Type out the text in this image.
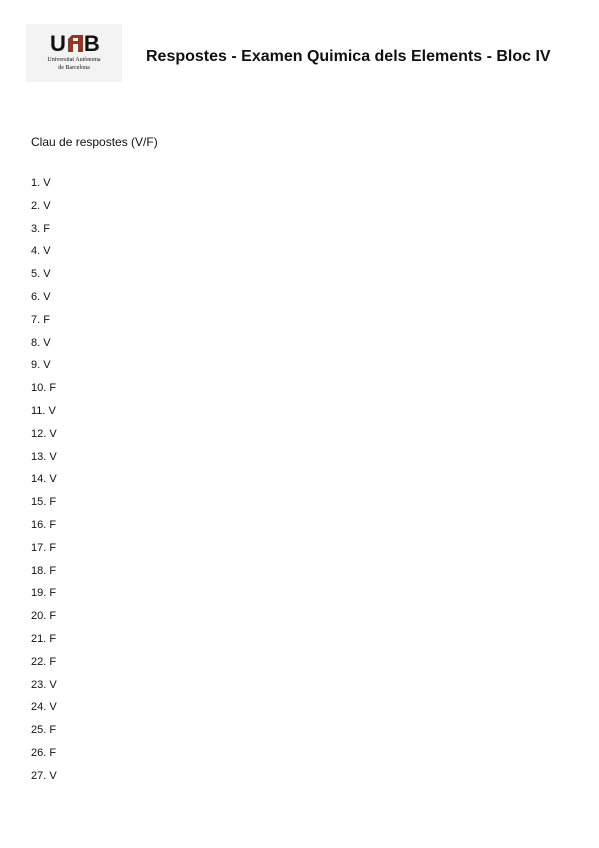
U B
Universitat Autònoma
de Barcelona
Respostes - Examen Quimica dels Elements - Bloc IV
Clau de respostes (V/F)
1. V
2. V
3. F
4. V
5. V
6. V
7. F
8. V
9. V
10. F
11. V
12. V
13. V
14. V
15. F
16. F
17. F
18. F
19. F
20. F
21. F
22. F
23. V
24. V
25. F
26. F
27. V
